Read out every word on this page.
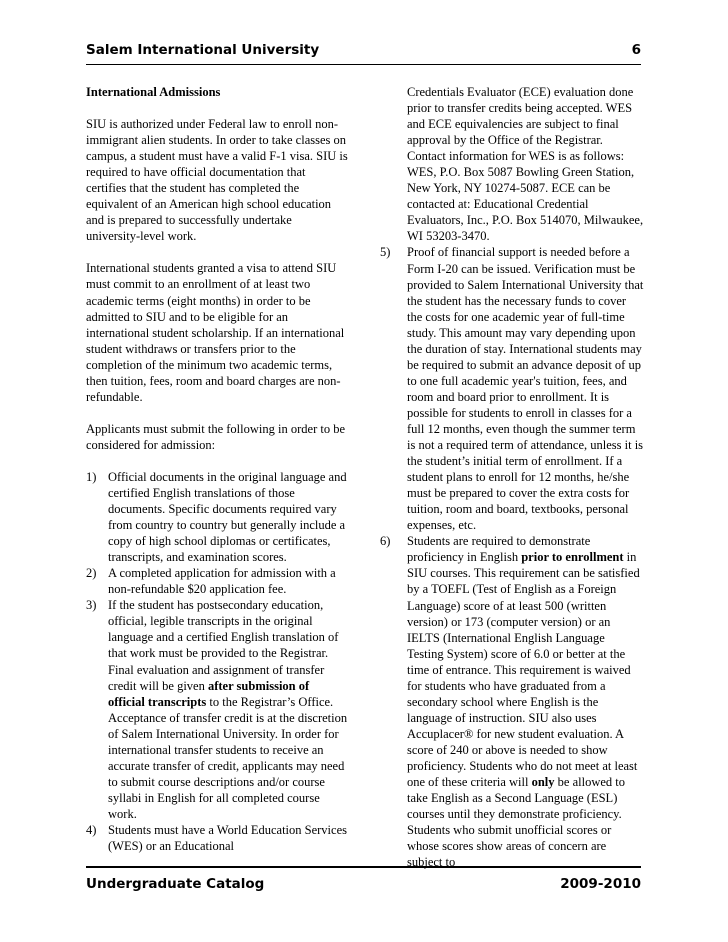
Salem International University	6
International Admissions

SIU is authorized under Federal law to enroll non-immigrant alien students. In order to take classes on campus, a student must have a valid F-1 visa. SIU is required to have official documentation that certifies that the student has completed the equivalent of an American high school education and is prepared to successfully undertake university-level work.

International students granted a visa to attend SIU must commit to an enrollment of at least two academic terms (eight months) in order to be admitted to SIU and to be eligible for an international student scholarship. If an international student withdraws or transfers prior to the completion of the minimum two academic terms, then tuition, fees, room and board charges are non-refundable.

Applicants must submit the following in order to be considered for admission:

1) Official documents in the original language and certified English translations of those documents. Specific documents required vary from country to country but generally include a copy of high school diplomas or certificates, transcripts, and examination scores.
2) A completed application for admission with a non-refundable $20 application fee.
3) If the student has postsecondary education, official, legible transcripts in the original language and a certified English translation of that work must be provided to the Registrar. Final evaluation and assignment of transfer credit will be given after submission of official transcripts to the Registrar’s Office. Acceptance of transfer credit is at the discretion of Salem International University. In order for international transfer students to receive an accurate transfer of credit, applicants may need to submit course descriptions and/or course syllabi in English for all completed course work.
4) Students must have a World Education Services (WES) or an Educational

Credentials Evaluator (ECE) evaluation done prior to transfer credits being accepted. WES and ECE equivalencies are subject to final approval by the Office of the Registrar. Contact information for WES is as follows: WES, P.O. Box 5087 Bowling Green Station, New York, NY 10274-5087. ECE can be contacted at: Educational Credential Evaluators, Inc., P.O. Box 514070, Milwaukee, WI 53203-3470.

5) Proof of financial support is needed before a Form I-20 can be issued. Verification must be provided to Salem International University that the student has the necessary funds to cover the costs for one academic year of full-time study. This amount may vary depending upon the duration of stay. International students may be required to submit an advance deposit of up to one full academic year's tuition, fees, and room and board prior to enrollment. It is possible for students to enroll in classes for a full 12 months, even though the summer term is not a required term of attendance, unless it is the student’s initial term of enrollment. If a student plans to enroll for 12 months, he/she must be prepared to cover the extra costs for tuition, room and board, textbooks, personal expenses, etc.
6) Students are required to demonstrate proficiency in English prior to enrollment in SIU courses. This requirement can be satisfied by a TOEFL (Test of English as a Foreign Language) score of at least 500 (written version) or 173 (computer version) or an IELTS (International English Language Testing System) score of 6.0 or better at the time of entrance. This requirement is waived for students who have graduated from a secondary school where English is the language of instruction. SIU also uses Accuplacer® for new student evaluation. A score of 240 or above is needed to show proficiency. Students who do not meet at least one of these criteria will only be allowed to take English as a Second Language (ESL) courses until they demonstrate proficiency. Students who submit unofficial scores or whose scores show areas of concern are subject to
Undergraduate Catalog	2009-2010
